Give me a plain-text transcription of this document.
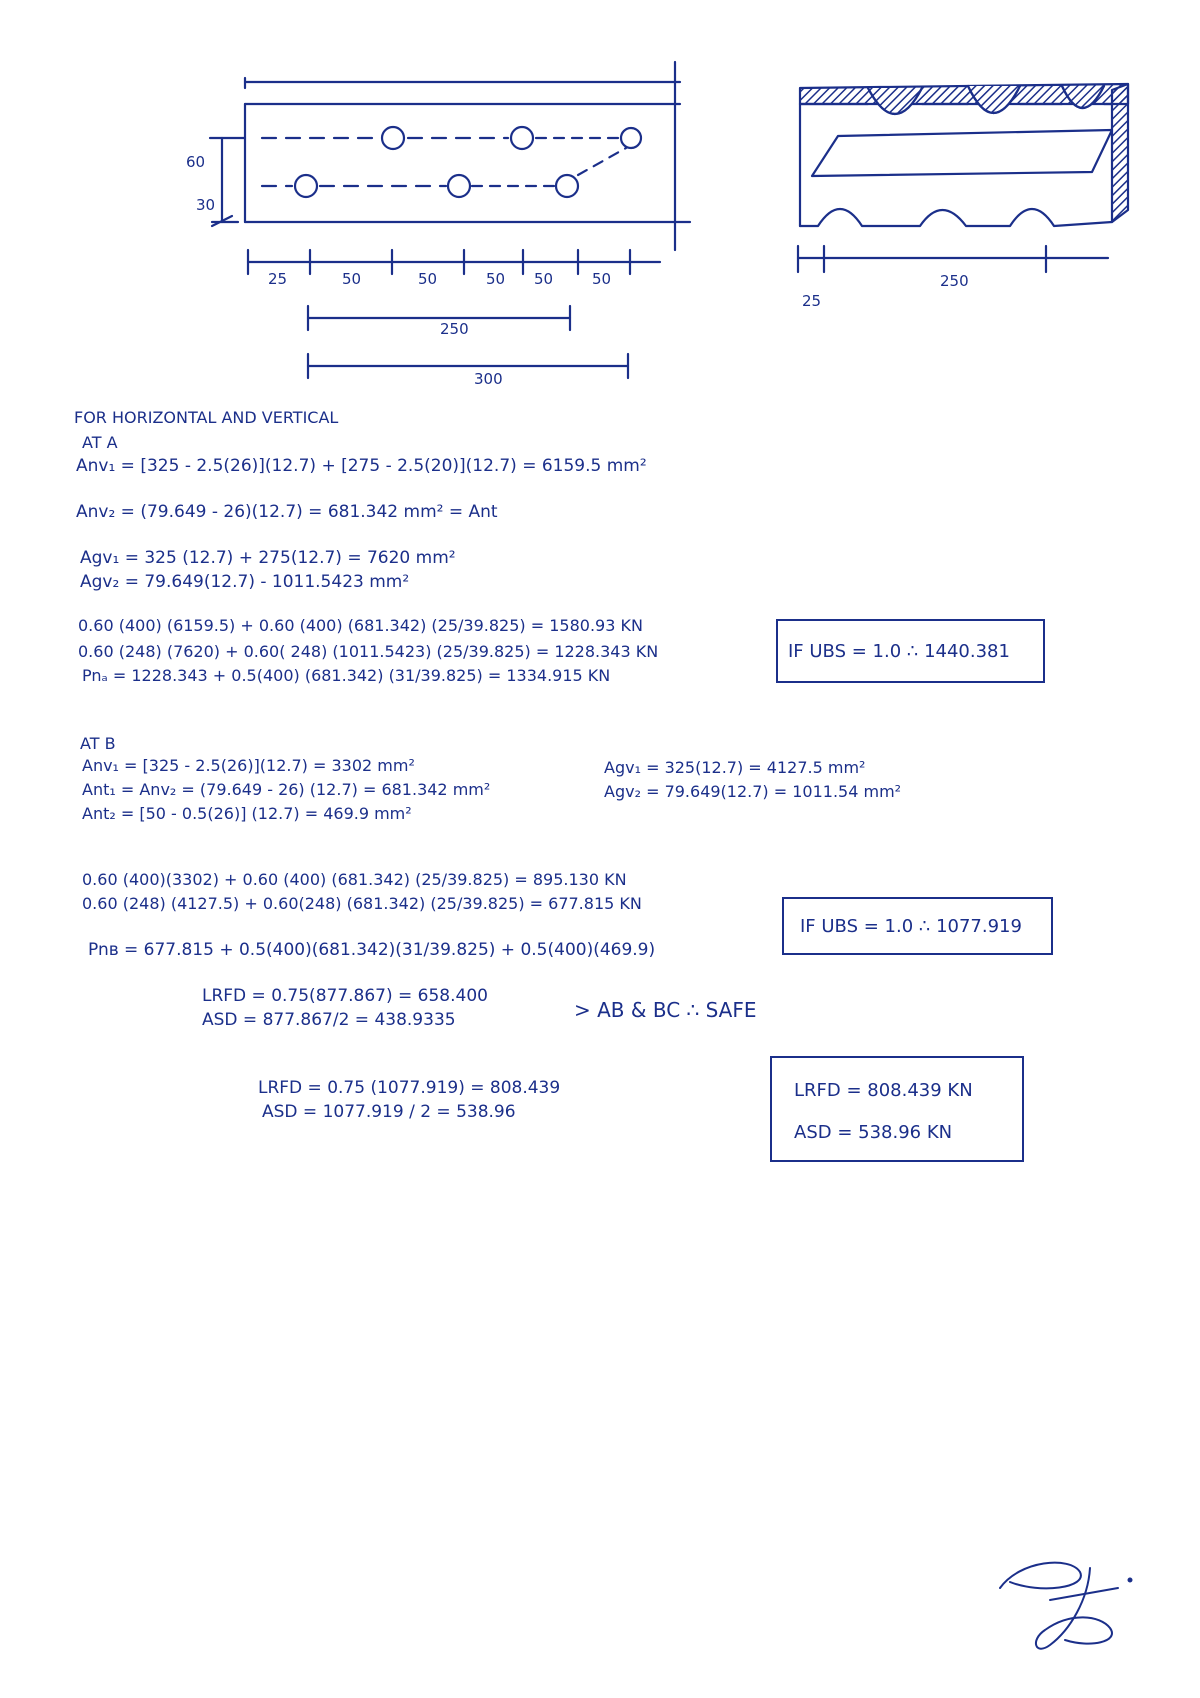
60
30
25	50	50	50 50	50
250
300
25
250
FOR HORIZONTAL AND VERTICAL
AT A
Anv₁ = [325 - 2.5(26)](12.7) + [275 - 2.5(20)](12.7) = 6159.5 mm²
Anv₂ = (79.649 - 26)(12.7) = 681.342 mm² = Ant
Agv₁ = 325 (12.7) + 275(12.7) = 7620 mm²
Agv₂ = 79.649(12.7) - 1011.5423 mm²
0.60 (400) (6159.5) + 0.60 (400) (681.342) (25/39.825) = 1580.93 KN
0.60 (248) (7620) + 0.60( 248) (1011.5423) (25/39.825) = 1228.343 KN
Pnₐ = 1228.343 + 0.5(400) (681.342) (31/39.825) = 1334.915 KN
IF UBS = 1.0 ∴ 1440.381
AT B
Anv₁ = [325 - 2.5(26)](12.7) = 3302 mm²
Ant₁ = Anv₂ = (79.649 - 26) (12.7) = 681.342 mm²
Ant₂ = [50 - 0.5(26)] (12.7) = 469.9 mm²
Agv₁ = 325(12.7) = 4127.5 mm²
Agv₂ = 79.649(12.7) = 1011.54 mm²
0.60 (400)(3302) + 0.60 (400) (681.342) (25/39.825) = 895.130 KN
0.60 (248) (4127.5) + 0.60(248) (681.342) (25/39.825) = 677.815 KN
Pnʙ = 677.815 + 0.5(400)(681.342)(31/39.825) + 0.5(400)(469.9)
IF UBS = 1.0 ∴ 1077.919
LRFD = 0.75(877.867) = 658.400
ASD = 877.867/2 = 438.9335	> AB & BC ∴ SAFE
LRFD = 0.75 (1077.919) = 808.439
ASD = 1077.919 / 2 = 538.96
LRFD = 808.439 KN
ASD = 538.96 KN
